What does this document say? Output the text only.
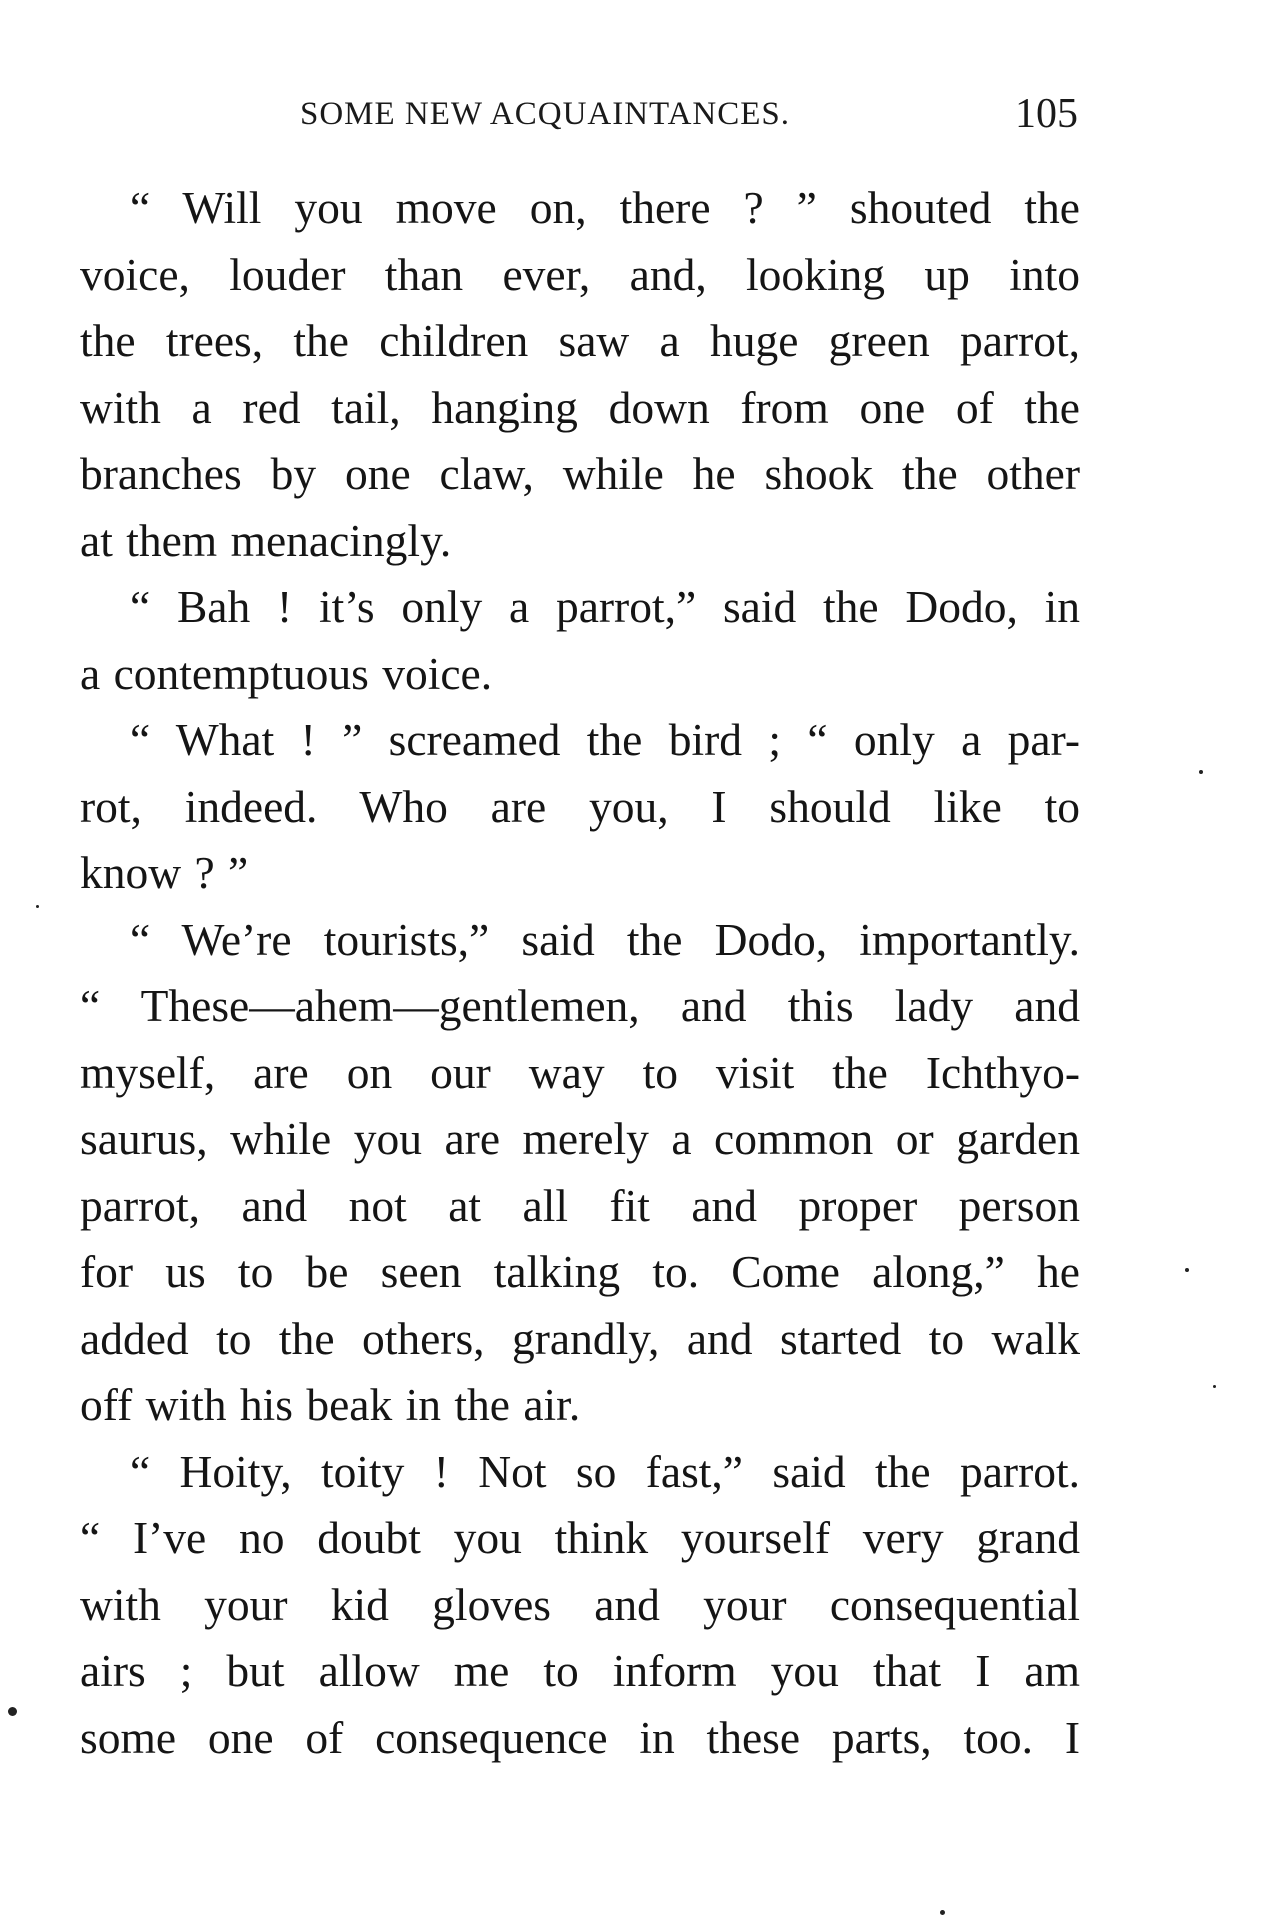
SOME NEW ACQUAINTANCES.	105
“ Will you move on, there ? ” shouted the
voice, louder than ever, and, looking up into
the trees, the children saw a huge green parrot,
with a red tail, hanging down from one of the
branches by one claw, while he shook the other
at them menacingly.
“ Bah ! it’s only a parrot,” said the Dodo, in
a contemptuous voice.
“ What ! ” screamed the bird ; “ only a par-
rot, indeed. Who are you, I should like to
know ? ”
“ We’re tourists,” said the Dodo, importantly.
“ These—ahem—gentlemen, and this lady and
myself, are on our way to visit the Ichthyo-
saurus, while you are merely a common or garden
parrot, and not at all fit and proper person
for us to be seen talking to. Come along,” he
added to the others, grandly, and started to walk
off with his beak in the air.
“ Hoity, toity ! Not so fast,” said the parrot.
“ I’ve no doubt you think yourself very grand
with your kid gloves and your consequential
airs ; but allow me to inform you that I am
some one of consequence in these parts, too. I
